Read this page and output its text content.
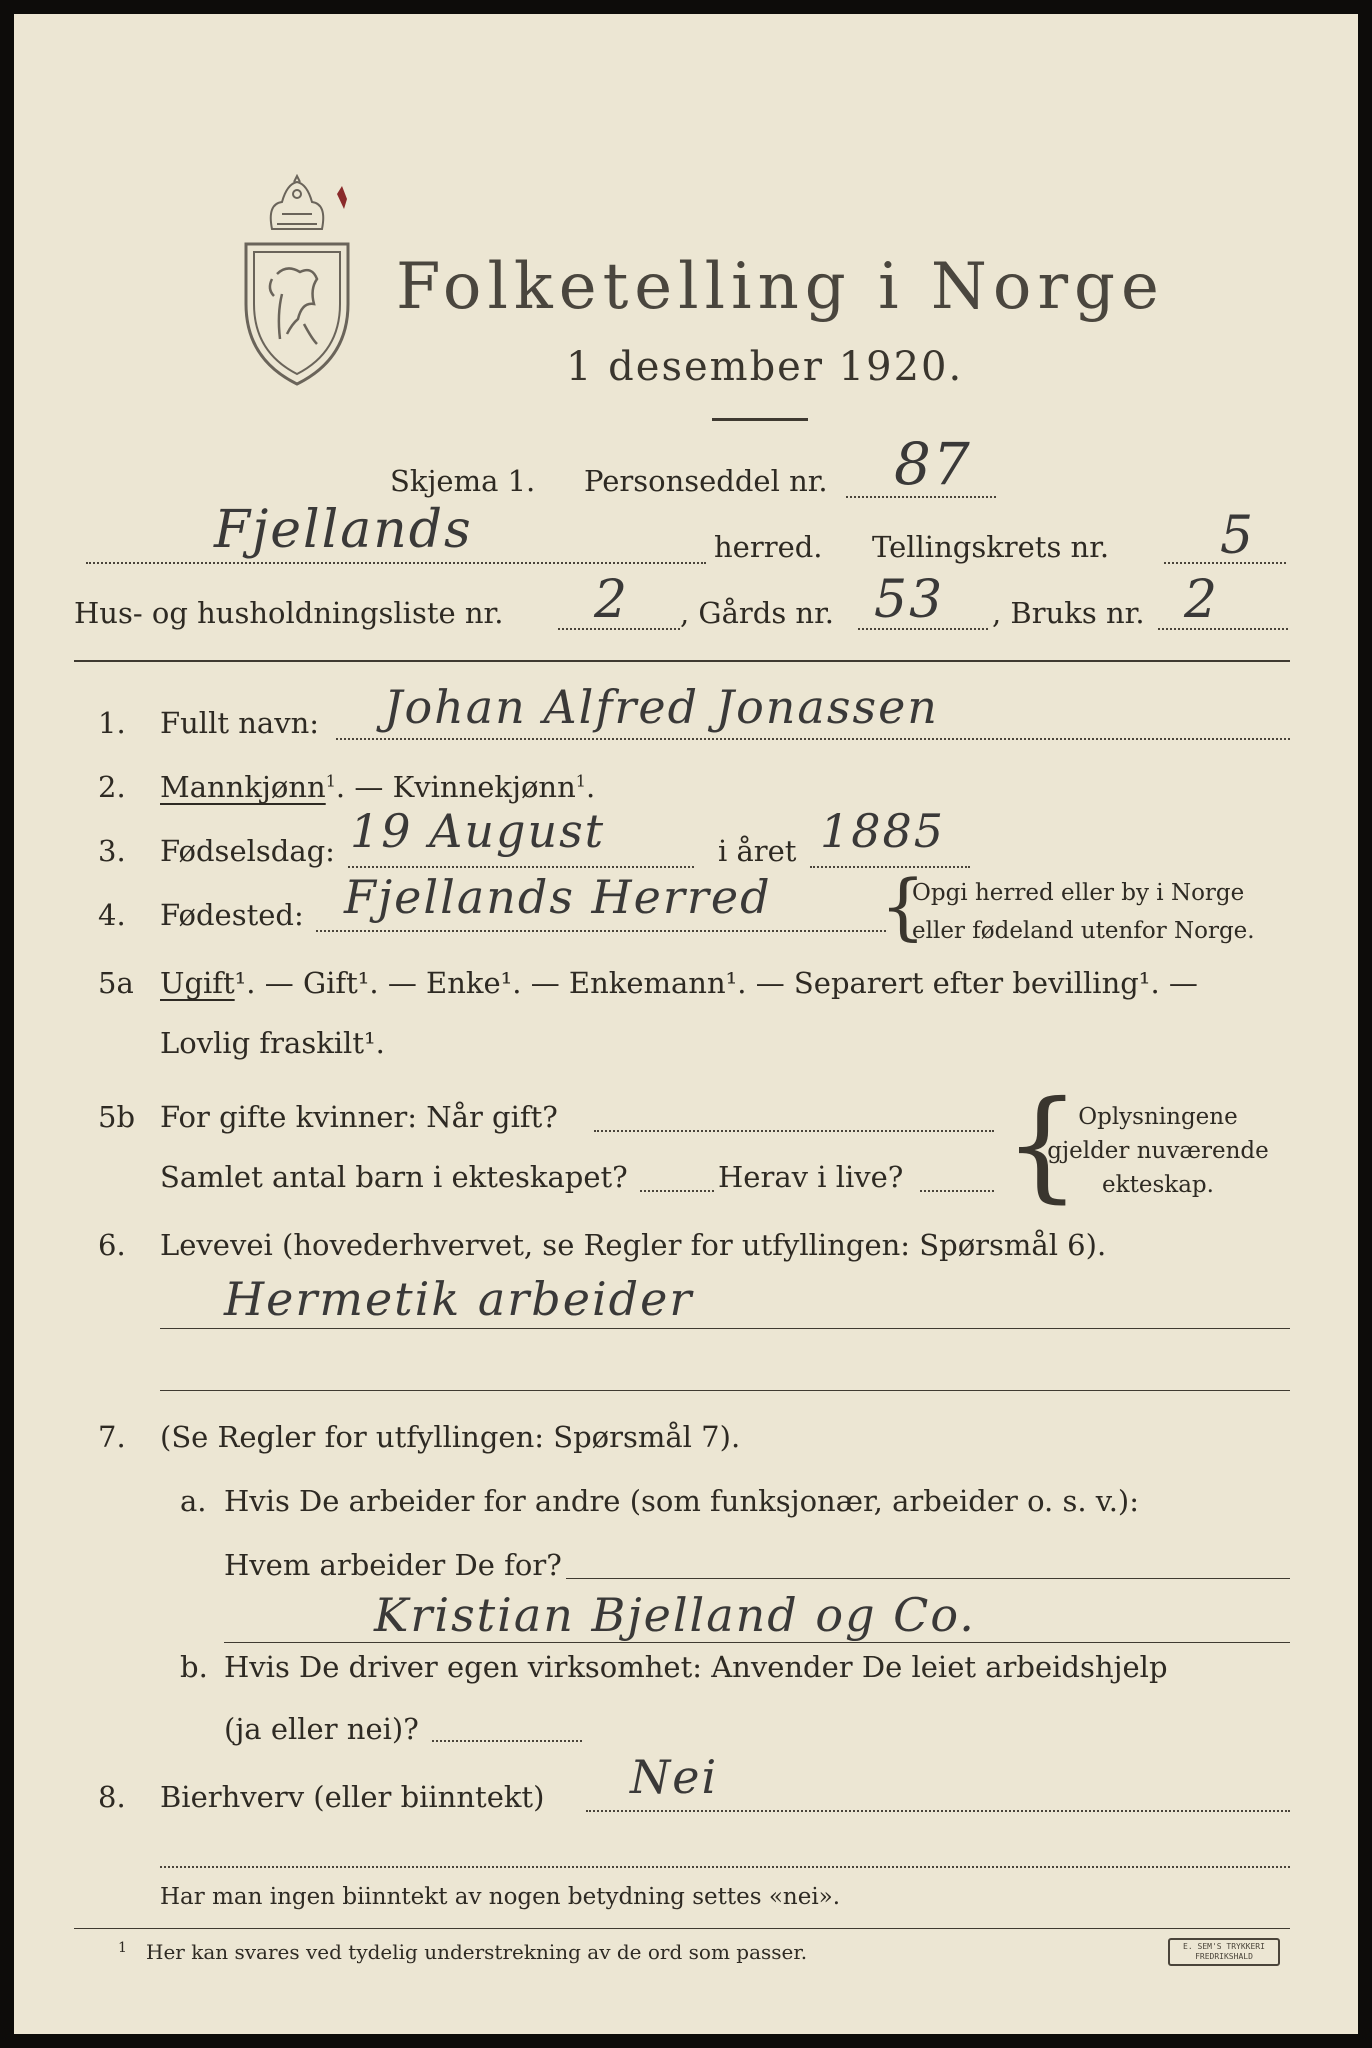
Folketelling i Norge
1 desember 1920.
Skjema 1. Personseddel nr. 87
Fjellands	herred. Tellingskrets nr. 5
Hus- og husholdningsliste nr. 2 , Gårds nr. 53 , Bruks nr. 2
1.	Fullt navn: Johan Alfred Jonassen
2.	Mannkjønn$^1$. — Kvinnekjønn$^1$.
3.	Fødselsdag: 19 August	i året 1885
4.	Fødested: Fjellands Herred {
Opgi herred eller by i Norge
eller fødeland utenfor Norge.
5a Ugift¹. — Gift¹. — Enke¹. — Enkemann¹. — Separert efter bevilling¹. —
Lovlig fraskilt¹.
5b For gifte kvinner: Når gift?
Samlet antal barn i ekteskapet?	Herav i live? {
Oplysningene
gjelder nuværende
ekteskap.
6.	Levevei (hovederhvervet, se Regler for utfyllingen: Spørsmål 6).
Hermetik arbeider
7.	(Se Regler for utfyllingen: Spørsmål 7).
a. Hvis De arbeider for andre (som funksjonær, arbeider o. s. v.):
Hvem arbeider De for?
Kristian Bjelland og Co.
b. Hvis De driver egen virksomhet: Anvender De leiet arbeidshjelp
(ja eller nei)?
8.	Bierhverv (eller biinntekt) Nei
Har man ingen biinntekt av nogen betydning settes «nei».
1 Her kan svares ved tydelig understrekning av de ord som passer.	E. SEM'S TRYKKERI
FREDRIKSHALD
